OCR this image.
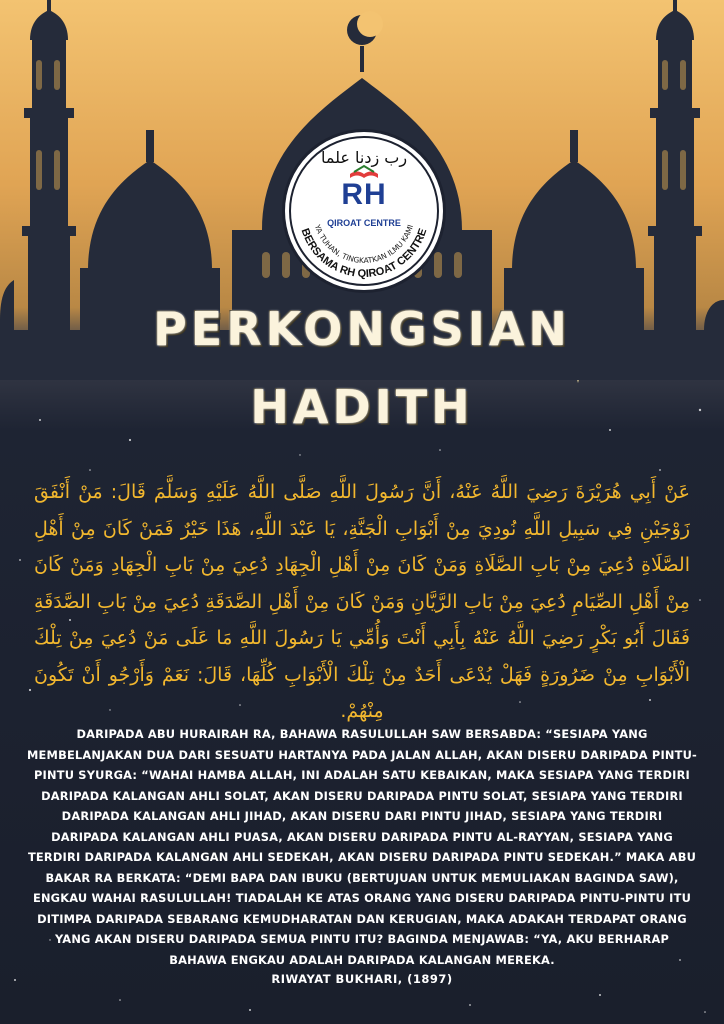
YA TUHAN, TINGKATKAN ILMU KAMI
BERSAMA RH QIROAT CENTRE
رب زدنا علما
RH
QIROAT CENTRE
PERKONGSIAN
HADITH
عَنْ أَبِي هُرَيْرَةَ رَضِيَ اللَّهُ عَنْهُ، أَنَّ رَسُولَ اللَّهِ صَلَّى اللَّهُ عَلَيْهِ وَسَلَّمَ قَالَ: مَنْ أَنْفَقَ زَوْجَيْنِ فِي سَبِيلِ اللَّهِ نُودِيَ مِنْ أَبْوَابِ الْجَنَّةِ، يَا عَبْدَ اللَّهِ، هَذَا خَيْرٌ فَمَنْ كَانَ مِنْ أَهْلِ الصَّلَاةِ دُعِيَ مِنْ بَابِ الصَّلَاةِ وَمَنْ كَانَ مِنْ أَهْلِ الْجِهَادِ دُعِيَ مِنْ بَابِ الْجِهَادِ وَمَنْ كَانَ مِنْ أَهْلِ الصِّيَامِ دُعِيَ مِنْ بَابِ الرَّيَّانِ وَمَنْ كَانَ مِنْ أَهْلِ الصَّدَقَةِ دُعِيَ مِنْ بَابِ الصَّدَقَةِ فَقَالَ أَبُو بَكْرٍ رَضِيَ اللَّهُ عَنْهُ بِأَبِي أَنْتَ وَأُمِّي يَا رَسُولَ اللَّهِ مَا عَلَى مَنْ دُعِيَ مِنْ تِلْكَ الْأَبْوَابِ مِنْ ضَرُورَةٍ فَهَلْ يُدْعَى أَحَدٌ مِنْ تِلْكَ الْأَبْوَابِ كُلِّهَا، قَالَ: نَعَمْ وَأَرْجُو أَنْ تَكُونَ مِنْهُمْ.
DARIPADA ABU HURAIRAH RA, BAHAWA RASULULLAH SAW BERSABDA: “SESIAPA YANG MEMBELANJAKAN DUA DARI SESUATU HARTANYA PADA JALAN ALLAH, AKAN DISERU DARIPADA PINTU-PINTU SYURGA: “WAHAI HAMBA ALLAH, INI ADALAH SATU KEBAIKAN, MAKA SESIAPA YANG TERDIRI DARIPADA KALANGAN AHLI SOLAT, AKAN DISERU DARIPADA PINTU SOLAT, SESIAPA YANG TERDIRI DARIPADA KALANGAN AHLI JIHAD, AKAN DISERU DARI PINTU JIHAD, SESIAPA YANG TERDIRI DARIPADA KALANGAN AHLI PUASA, AKAN DISERU DARIPADA PINTU AL-RAYYAN, SESIAPA YANG TERDIRI DARIPADA KALANGAN AHLI SEDEKAH, AKAN DISERU DARIPADA PINTU SEDEKAH.” MAKA ABU BAKAR RA BERKATA: “DEMI BAPA DAN IBUKU (BERTUJUAN UNTUK MEMULIAKAN BAGINDA SAW), ENGKAU WAHAI RASULULLAH! TIADALAH KE ATAS ORANG YANG DISERU DARIPADA PINTU-PINTU ITU DITIMPA DARIPADA SEBARANG KEMUDHARATAN DAN KERUGIAN, MAKA ADAKAH TERDAPAT ORANG YANG AKAN DISERU DARIPADA SEMUA PINTU ITU? BAGINDA MENJAWAB: “YA, AKU BERHARAP BAHAWA ENGKAU ADALAH DARIPADA KALANGAN MEREKA.
RIWAYAT BUKHARI, (1897)
